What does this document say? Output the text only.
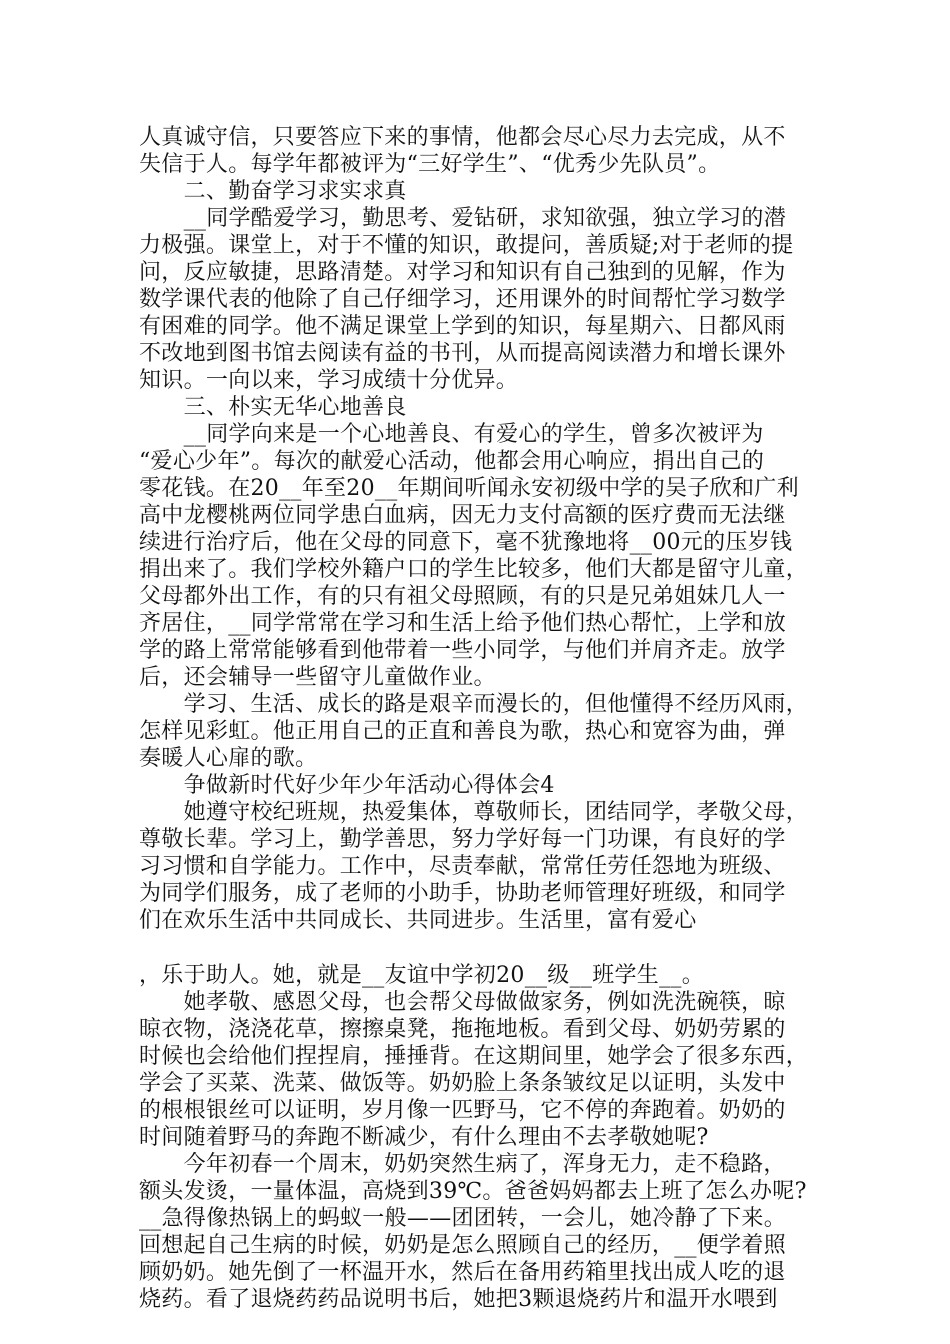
人真诚守信，只要答应下来的事情，他都会尽心尽力去完成，从不
失信于人。每学年都被评为“三好学生”、“优秀少先队员”。
　　二、勤奋学习求实求真
　　__同学酷爱学习，勤思考、爱钻研，求知欲强，独立学习的潜
力极强。课堂上，对于不懂的知识，敢提问，善质疑;对于老师的提
问，反应敏捷，思路清楚。对学习和知识有自己独到的见解，作为
数学课代表的他除了自己仔细学习，还用课外的时间帮忙学习数学
有困难的同学。他不满足课堂上学到的知识，每星期六、日都风雨
不改地到图书馆去阅读有益的书刊，从而提高阅读潜力和增长课外
知识。一向以来，学习成绩十分优异。
　　三、朴实无华心地善良
　　__同学向来是一个心地善良、有爱心的学生，曾多次被评为
“爱心少年”。每次的献爱心活动，他都会用心响应，捐出自己的
零花钱。在20__年至20__年期间听闻永安初级中学的吴子欣和广利
高中龙樱桃两位同学患白血病，因无力支付高额的医疗费而无法继
续进行治疗后，他在父母的同意下，毫不犹豫地将__00元的压岁钱
捐出来了。我们学校外籍户口的学生比较多，他们大都是留守儿童，
父母都外出工作，有的只有祖父母照顾，有的只是兄弟姐妹几人一
齐居住，__同学常常在学习和生活上给予他们热心帮忙，上学和放
学的路上常常能够看到他带着一些小同学，与他们并肩齐走。放学
后，还会辅导一些留守儿童做作业。
　　学习、生活、成长的路是艰辛而漫长的，但他懂得不经历风雨，
怎样见彩虹。他正用自己的正直和善良为歌，热心和宽容为曲，弹
奏暖人心扉的歌。
　　争做新时代好少年少年活动心得体会4
　　她遵守校纪班规，热爱集体，尊敬师长，团结同学，孝敬父母，
尊敬长辈。学习上，勤学善思，努力学好每一门功课，有良好的学
习习惯和自学能力。工作中，尽责奉献，常常任劳任怨地为班级、
为同学们服务，成了老师的小助手，协助老师管理好班级，和同学
们在欢乐生活中共同成长、共同进步。生活里，富有爱心
，乐于助人。她，就是__友谊中学初20__级__班学生__。
　　她孝敬、感恩父母，也会帮父母做做家务，例如洗洗碗筷，晾
晾衣物，浇浇花草，擦擦桌凳，拖拖地板。看到父母、奶奶劳累的
时候也会给他们捏捏肩，捶捶背。在这期间里，她学会了很多东西，
学会了买菜、洗菜、做饭等。奶奶脸上条条皱纹足以证明，头发中
的根根银丝可以证明，岁月像一匹野马，它不停的奔跑着。奶奶的
时间随着野马的奔跑不断减少，有什么理由不去孝敬她呢?
　　今年初春一个周末，奶奶突然生病了，浑身无力，走不稳路，
额头发烫，一量体温，高烧到39℃。爸爸妈妈都去上班了怎么办呢?
__急得像热锅上的蚂蚁一般——团团转，一会儿，她冷静了下来。
回想起自己生病的时候，奶奶是怎么照顾自己的经历，__便学着照
顾奶奶。她先倒了一杯温开水，然后在备用药箱里找出成人吃的退
烧药。看了退烧药药品说明书后，她把3颗退烧药片和温开水喂到
